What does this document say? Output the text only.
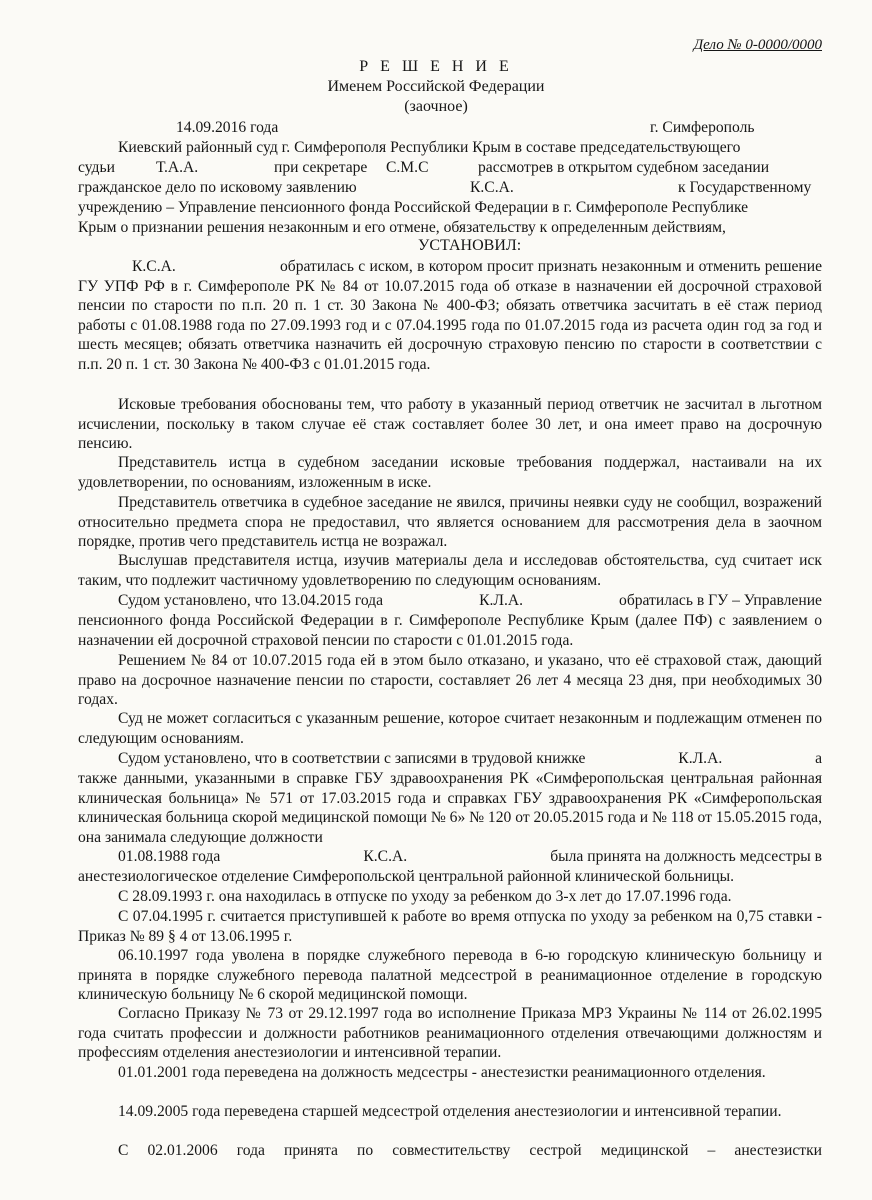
Дело № 0-0000/0000
Р Е Ш Е Н И Е
Именем Российской Федерации
(заочное)
14.09.2016 года	г. Симферополь
Киевский районный суд г. Симферополя Республики Крым в составе председательствующего
судьи	Т.А.А.	при секретаре С.М.С	рассмотрев в открытом судебном заседании
гражданское дело по исковому заявлению	К.С.А.	к Государственному
учреждению – Управление пенсионного фонда Российской Федерации в г. Симферополе Республике
Крым о признании решения незаконным и его отмене, обязательству к определенным действиям,
УСТАНОВИЛ:
К.С.А.	обратилась с иском, в котором просит признать незаконным и отменить решение ГУ УПФ РФ в г. Симферополе РК № 84 от 10.07.2015 года об отказе в назначении ей досрочной страховой пенсии по старости по п.п. 20 п. 1 ст. 30 Закона № 400-ФЗ; обязать ответчика засчитать в её стаж период работы с 01.08.1988 года по 27.09.1993 год и с 07.04.1995 года по 01.07.2015 года из расчета один год за год и шесть месяцев; обязать ответчика назначить ей досрочную страховую пенсию по старости в соответствии с п.п. 20 п. 1 ст. 30 Закона № 400-ФЗ с 01.01.2015 года.
Исковые требования обоснованы тем, что работу в указанный период ответчик не засчитал в льготном исчислении, поскольку в таком случае её стаж составляет более 30 лет, и она имеет право на досрочную пенсию.
Представитель истца в судебном заседании исковые требования поддержал, настаивали на их удовлетворении, по основаниям, изложенным в иске.
Представитель ответчика в судебное заседание не явился, причины неявки суду не сообщил, возражений относительно предмета спора не предоставил, что является основанием для рассмотрения дела в заочном порядке, против чего представитель истца не возражал.
Выслушав представителя истца, изучив материалы дела и исследовав обстоятельства, суд считает иск таким, что подлежит частичному удовлетворению по следующим основаниям.
Судом установлено, что 13.04.2015 года	К.Л.А.	обратилась в ГУ – Управление
пенсионного фонда Российской Федерации в г. Симферополе Республике Крым (далее ПФ) с заявлением о назначении ей досрочной страховой пенсии по старости с 01.01.2015 года.
Решением № 84 от 10.07.2015 года ей в этом было отказано, и указано, что её страховой стаж, дающий право на досрочное назначение пенсии по старости, составляет 26 лет 4 месяца 23 дня, при необходимых 30 годах.
Суд не может согласиться с указанным решение, которое считает незаконным и подлежащим отменен по следующим основаниям.
Судом установлено, что в соответствии с записями в трудовой книжке	К.Л.А.	а
также данными, указанными в справке ГБУ здравоохранения РК «Симферопольская центральная районная клиническая больница» № 571 от 17.03.2015 года и справках ГБУ здравоохранения РК «Симферопольская клиническая больница скорой медицинской помощи № 6» № 120 от 20.05.2015 года и № 118 от 15.05.2015 года, она занимала следующие должности
01.08.1988 года	К.С.А.	была принята на должность медсестры в
анестезиологическое отделение Симферопольской центральной районной клинической больницы.
С 28.09.1993 г. она находилась в отпуске по уходу за ребенком до 3-х лет до 17.07.1996 года.
С 07.04.1995 г. считается приступившей к работе во время отпуска по уходу за ребенком на 0,75 ставки - Приказ № 89 § 4 от 13.06.1995 г.
06.10.1997 года уволена в порядке служебного перевода в 6-ю городскую клиническую больницу и принята в порядке служебного перевода палатной медсестрой в реанимационное отделение в городскую клиническую больницу № 6 скорой медицинской помощи.
Согласно Приказу № 73 от 29.12.1997 года во исполнение Приказа МРЗ Украины № 114 от 26.02.1995 года считать профессии и должности работников реанимационного отделения отвечающими должностям и профессиям отделения анестезиологии и интенсивной терапии.
01.01.2001 года переведена на должность медсестры - анестезистки реанимационного отделения.
14.09.2005 года переведена старшей медсестрой отделения анестезиологии и интенсивной терапии.
С 02.01.2006 года принята по совместительству сестрой медицинской – анестезистки
